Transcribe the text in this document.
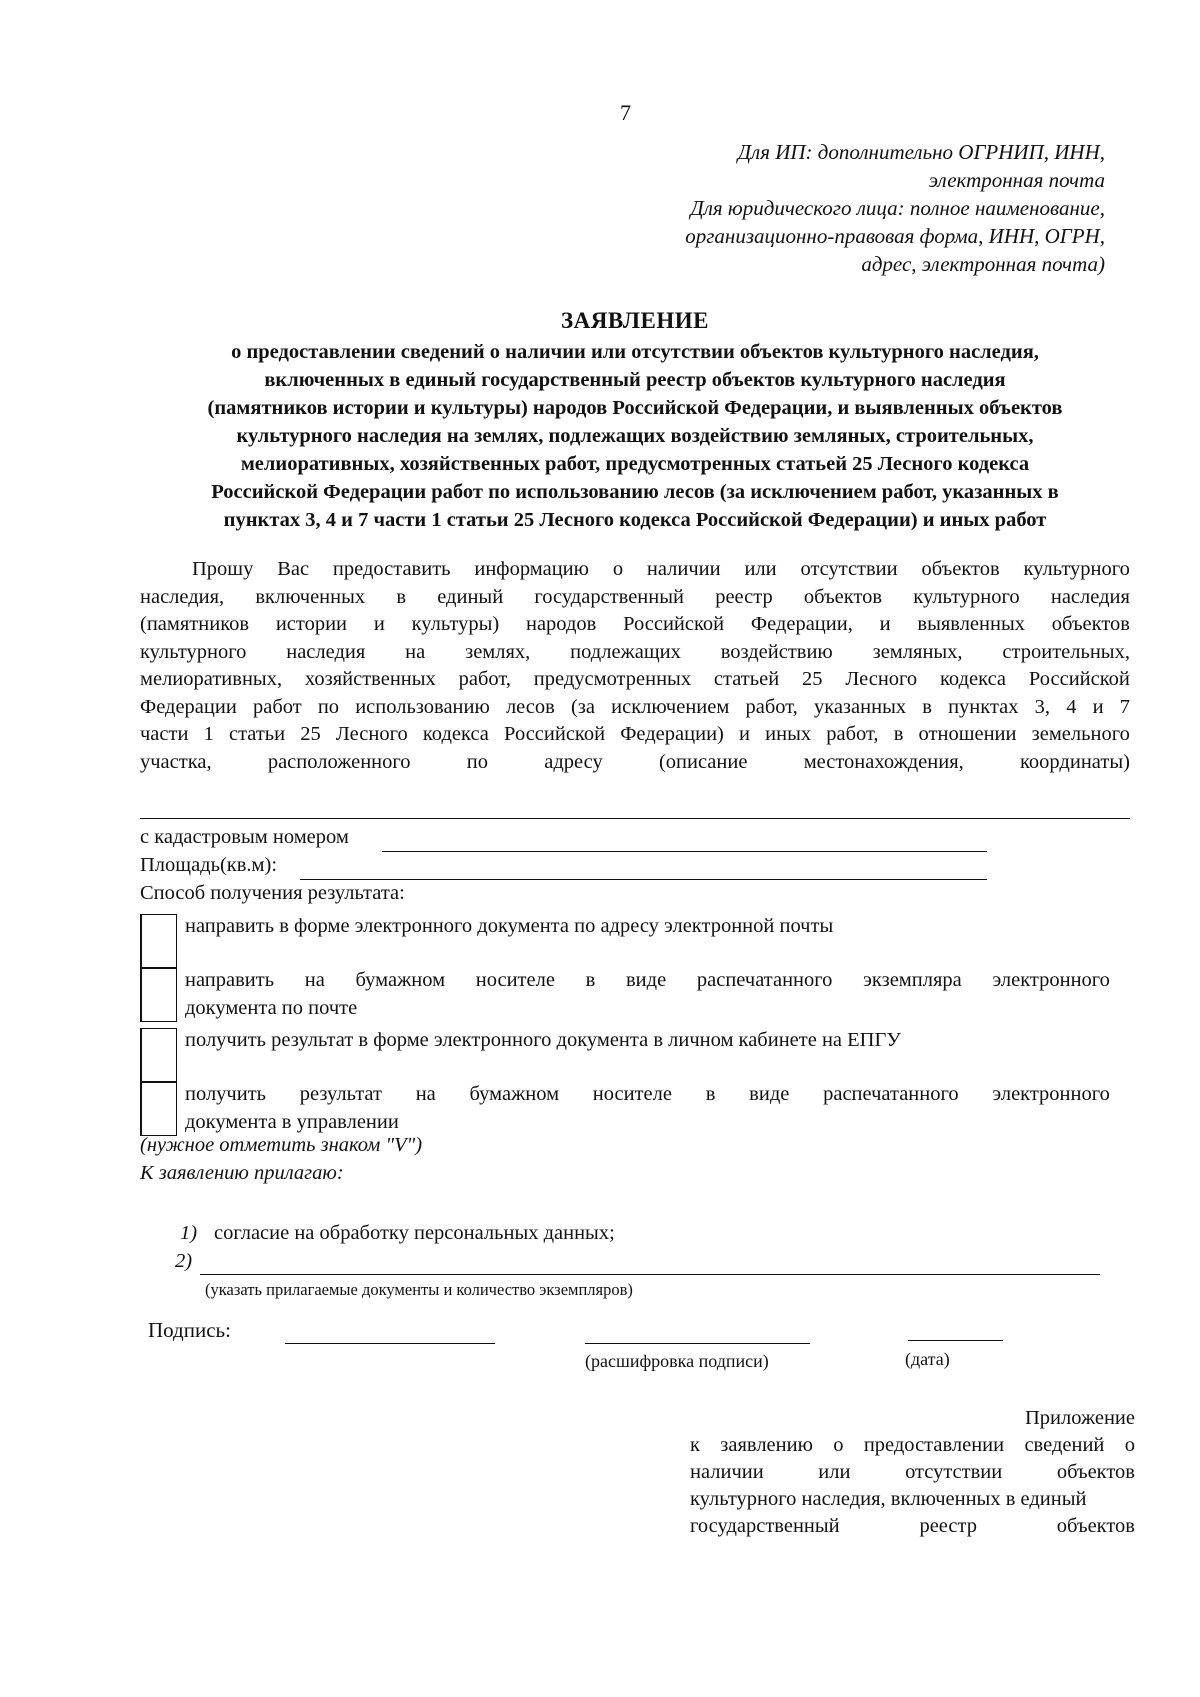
7
Для ИП: дополнительно ОГРНИП, ИНН,
электронная почта
Для юридического лица: полное наименование,
организационно-правовая форма, ИНН, ОГРН,
адрес, электронная почта)
ЗАЯВЛЕНИЕ
о предоставлении сведений о наличии или отсутствии объектов культурного наследия,
включенных в единый государственный реестр объектов культурного наследия
(памятников истории и культуры) народов Российской Федерации, и выявленных объектов
культурного наследия на землях, подлежащих воздействию земляных, строительных,
мелиоративных, хозяйственных работ, предусмотренных статьей 25 Лесного кодекса
Российской Федерации работ по использованию лесов (за исключением работ, указанных в
пунктах 3, 4 и 7 части 1 статьи 25 Лесного кодекса Российской Федерации) и иных работ
Прошу Вас предоставить информацию о наличии или отсутствии объектов культурного
наследия, включенных в единый государственный реестр объектов культурного наследия
(памятников истории и культуры) народов Российской Федерации, и выявленных объектов
культурного наследия на землях, подлежащих воздействию земляных, строительных,
мелиоративных, хозяйственных работ, предусмотренных статьей 25 Лесного кодекса Российской
Федерации работ по использованию лесов (за исключением работ, указанных в пунктах 3, 4 и 7
части 1 статьи 25 Лесного кодекса Российской Федерации) и иных работ, в отношении земельного
участка,	расположенного	по	адресу	(описание	местонахождения,	координаты)
с кадастровым номером
Площадь(кв.м):
Способ получения результата:
направить в форме электронного документа по адресу электронной почты
направить на бумажном носителе в виде распечатанного экземпляра электронного
документа по почте
получить результат в форме электронного документа в личном кабинете на ЕПГУ
получить результат на бумажном носителе в виде распечатанного электронного
документа в управлении
(нужное отметить знаком "V")
К заявлению прилагаю:
1) согласие на обработку персональных данных;
2)
(указать прилагаемые документы и количество экземпляров)
Подпись:
(расшифровка подписи)	(дата)
Приложение
к заявлению о предоставлении сведений о
наличии	или	отсутствии	объектов
культурного наследия, включенных в единый
государственный	реестр	объектов
